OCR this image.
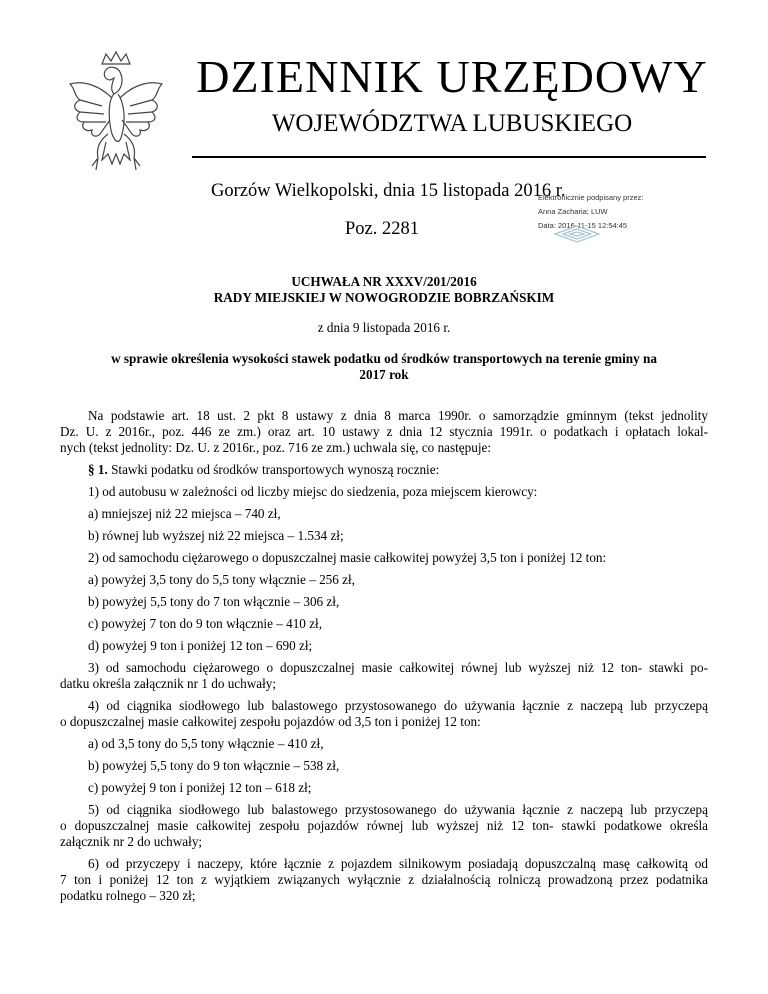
DZIENNIK URZĘDOWY
WOJEWÓDZTWA LUBUSKIEGO
Gorzów Wielkopolski, dnia 15 listopada 2016 r.
Poz. 2281
Elektronicznie podpisany przez:
Anna Zacharia; LUW
Data: 2016-11-15 12:54:45
UCHWAŁA NR XXXV/201/2016
RADY MIEJSKIEJ W NOWOGRODZIE BOBRZAŃSKIM
z dnia 9 listopada 2016 r.
w sprawie określenia wysokości stawek podatku od środków transportowych na terenie gminy na
2017 rok
Na podstawie art. 18 ust. 2 pkt 8 ustawy z dnia 8 marca 1990r. o samorządzie gminnym (tekst jednolity
Dz. U. z 2016r., poz. 446 ze zm.) oraz art. 10 ustawy z dnia 12 stycznia 1991r. o podatkach i opłatach lokal-
nych (tekst jednolity: Dz. U. z 2016r., poz. 716 ze zm.) uchwala się, co następuje:
§ 1. Stawki podatku od środków transportowych wynoszą rocznie:
1) od autobusu w zależności od liczby miejsc do siedzenia, poza miejscem kierowcy:
a) mniejszej niż 22 miejsca – 740 zł,
b) równej lub wyższej niż 22 miejsca – 1.534 zł;
2) od samochodu ciężarowego o dopuszczalnej masie całkowitej powyżej 3,5 ton i poniżej 12 ton:
a) powyżej 3,5 tony do 5,5 tony włącznie – 256 zł,
b) powyżej 5,5 tony do 7 ton włącznie – 306 zł,
c) powyżej 7 ton do 9 ton włącznie – 410 zł,
d) powyżej 9 ton i poniżej 12 ton – 690 zł;
3) od samochodu ciężarowego o dopuszczalnej masie całkowitej równej lub wyższej niż 12 ton- stawki po-
datku określa załącznik nr 1 do uchwały;
4) od ciągnika siodłowego lub balastowego przystosowanego do używania łącznie z naczepą lub przyczepą
o dopuszczalnej masie całkowitej zespołu pojazdów od 3,5 ton i poniżej 12 ton:
a) od 3,5 tony do 5,5 tony włącznie – 410 zł,
b) powyżej 5,5 tony do 9 ton włącznie – 538 zł,
c) powyżej 9 ton i poniżej 12 ton – 618 zł;
5) od ciągnika siodłowego lub balastowego przystosowanego do używania łącznie z naczepą lub przyczepą
o dopuszczalnej masie całkowitej zespołu pojazdów równej lub wyższej niż 12 ton- stawki podatkowe określa
załącznik nr 2 do uchwały;
6) od przyczepy i naczepy, które łącznie z pojazdem silnikowym posiadają dopuszczalną masę całkowitą od
7 ton i poniżej 12 ton z wyjątkiem związanych wyłącznie z działalnością rolniczą prowadzoną przez podatnika
podatku rolnego – 320 zł;
